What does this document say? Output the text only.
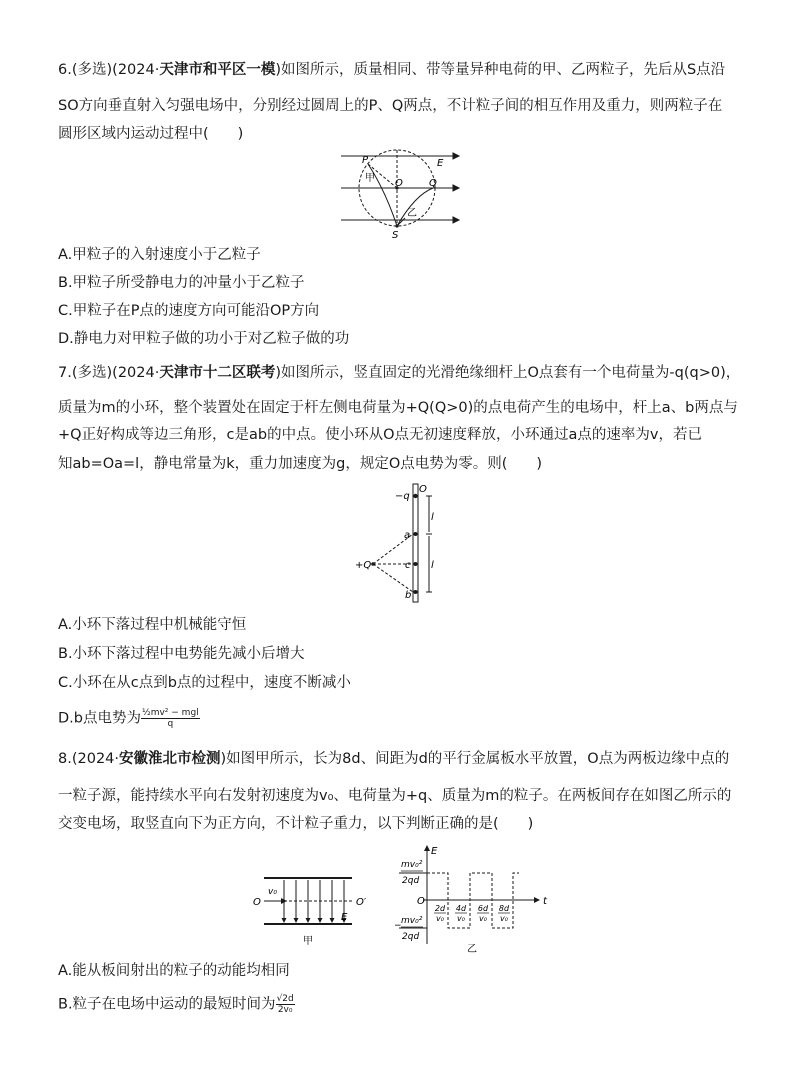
6.(多选)(2024·天津市和平区一模)如图所示，质量相同、带等量异种电荷的甲、乙两粒子，先后从S点沿
SO方向垂直射入匀强电场中，分别经过圆周上的P、Q两点，不计粒子间的相互作用及重力，则两粒子在
圆形区域内运动过程中(　　)
P	E
甲 O	Q
乙
S
A.甲粒子的入射速度小于乙粒子
B.甲粒子所受静电力的冲量小于乙粒子
C.甲粒子在P点的速度方向可能沿OP方向
D.静电力对甲粒子做的功小于对乙粒子做的功
7.(多选)(2024·天津市十二区联考)如图所示，竖直固定的光滑绝缘细杆上O点套有一个电荷量为-q(q>0)，
质量为m的小环，整个装置处在固定于杆左侧电荷量为+Q(Q>0)的点电荷产生的电场中，杆上a、b两点与
+Q正好构成等边三角形，c是ab的中点。使小环从O点无初速度释放，小环通过a点的速率为v，若已
知ab=Oa=l，静电常量为k，重力加速度为g，规定O点电势为零。则(　　)
−q
O
l
a
c l
+Q
b
A.小环下落过程中机械能守恒
B.小环下落过程中电势能先减小后增大
C.小环在从c点到b点的过程中，速度不断减小
D.b点电势为 $\frac{\text{½mv² − mgl}}{q}$
8.(2024·安徽淮北市检测)如图甲所示，长为8d、间距为d的平行金属板水平放置，O点为两板边缘中点的
一粒子源，能持续水平向右发射初速度为v₀、电荷量为+q、质量为m的粒子。在两板间存在如图乙所示的
交变电场，取竖直向下为正方向，不计粒子重力，以下判断正确的是(　　)
O	O′
v₀
E
甲
E
t
O
mv₀²
2qd
− mv₀²
2qd
2d
v₀
4d
v₀
6d
v₀
8d
v₀
乙
A.能从板间射出的粒子的动能均相同
B.粒子在电场中运动的最短时间为 $\frac{√2d}{\text{2v₀}}$
